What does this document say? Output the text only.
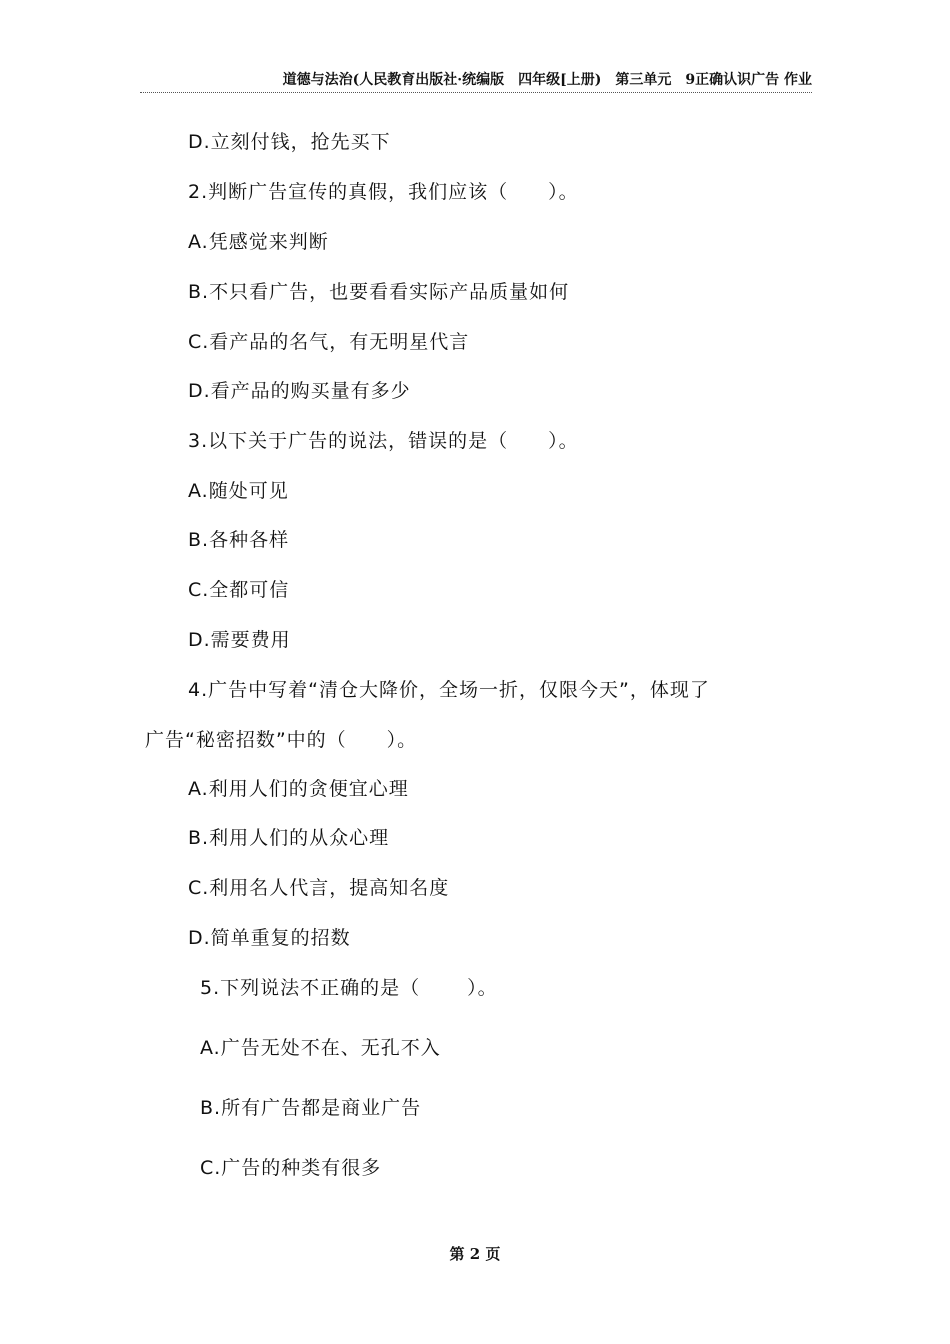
道德与法治(人民教育出版社·统编版　四年级[上册)　第三单元　9正确认识广告 作业
D.立刻付钱，抢先买下
2.判断广告宣传的真假，我们应该（　　）。
A.凭感觉来判断
B.不只看广告，也要看看实际产品质量如何
C.看产品的名气，有无明星代言
D.看产品的购买量有多少
3.以下关于广告的说法，错误的是（　　）。
A.随处可见
B.各种各样
C.全都可信
D.需要费用
4.广告中写着“清仓大降价，全场一折，仅限今天”，体现了
广告“秘密招数”中的（　　）。
A.利用人们的贪便宜心理
B.利用人们的从众心理
C.利用名人代言，提高知名度
D.简单重复的招数
5.下列说法不正确的是（　　 ）。
A.广告无处不在、无孔不入
B.所有广告都是商业广告
C.广告的种类有很多
第 2 页
